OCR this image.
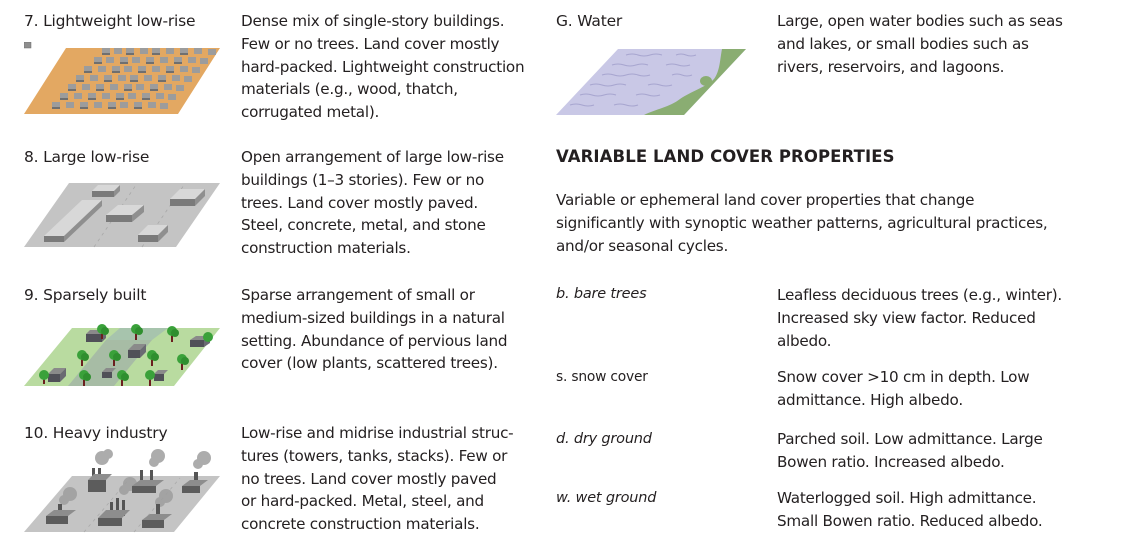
7. Lightweight low-rise	Dense mix of single-story buildings.
Few or no trees. Land cover mostly
hard-packed. Lightweight construction
materials (e.g., wood, thatch,
corrugated metal).
8. Large low-rise	Open arrangement of large low-rise
buildings (1–3 stories). Few or no
trees. Land cover mostly paved.
Steel, concrete, metal, and stone
construction materials.
9. Sparsely built	Sparse arrangement of small or
medium-sized buildings in a natural
setting. Abundance of pervious land
cover (low plants, scattered trees).
10. Heavy industry	Low-rise and midrise industrial struc-
tures (towers, tanks, stacks). Few or
no trees. Land cover mostly paved
or hard-packed. Metal, steel, and
concrete construction materials.
G. Water	Large, open water bodies such as seas
and lakes, or small bodies such as
rivers, reservoirs, and lagoons.
VARIABLE LAND COVER PROPERTIES
Variable or ephemeral land cover properties that change
significantly with synoptic weather patterns, agricultural practices,
and/or seasonal cycles.
b. bare trees	Leafless deciduous trees (e.g., winter).
Increased sky view factor. Reduced
albedo.
s. snow cover	Snow cover >10 cm in depth. Low
admittance. High albedo.
d. dry ground	Parched soil. Low admittance. Large
Bowen ratio. Increased albedo.
w. wet ground	Waterlogged soil. High admittance.
Small Bowen ratio. Reduced albedo.
